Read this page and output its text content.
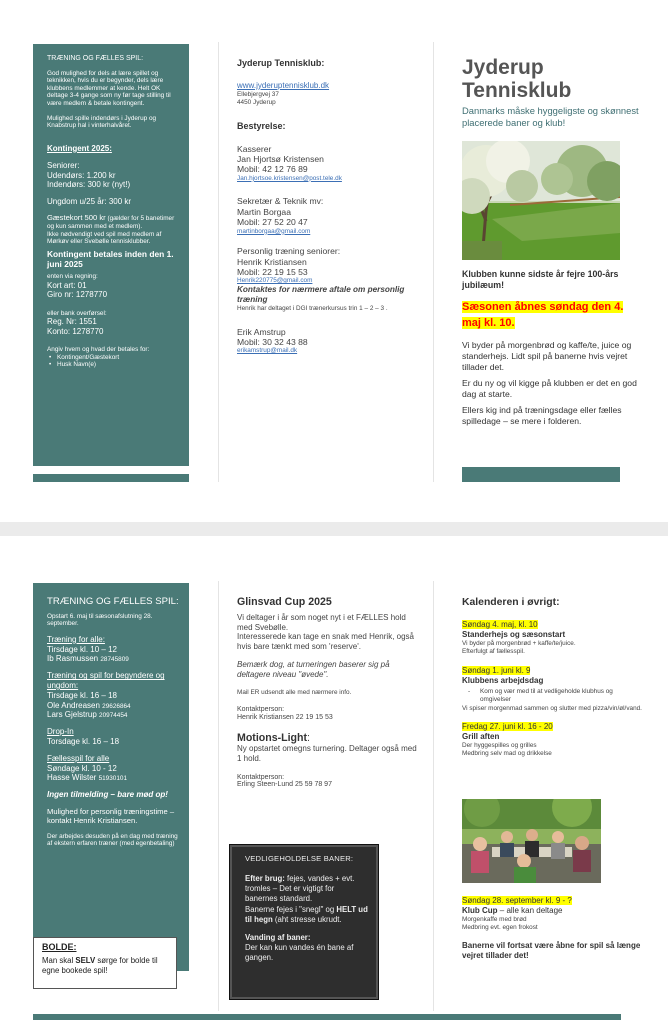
TRÆNING OG FÆLLES SPIL:

God mulighed for dels at lære spillet og teknikken, hvis du er begynder, dels lære klubbens medlemmer at kende. Helt OK deltage 3-4 gange som ny før tage stilling til være medlem & betale kontingent.

Mulighed spille indendørs i Jyderup og Knabstrup hal i vinterhalvåret.

Kontingent 2025:

Seniorer:

Udendørs: 1.200 kr

Indendørs: 300 kr (nyt!)

Ungdom u/25 år: 300 kr

Gæstekort 500 kr (gælder for 5 banetimer og kun sammen med et medlem).

Ikke nødvendigt ved spil med medlem af Mørkøv eller Svebølle tennisklubber.

Kontingent betales inden den 1. juni 2025

enten via regning:

Kort art: 01

Giro nr: 1278770

eller bank overførsel:

Reg. Nr: 1551

Konto: 1278770

Angiv hvem og hvad der betales for:

• Kontingent/Gæstekort
• Husk Navn(e)

Jyderup Tennisklub:

www.jyderuptennisklub.dk

Ellebjergvej 37

4450 Jyderup

Bestyrelse:

Kasserer

Jan Hjortsø Kristensen

Mobil: 42 12 76 89

Jan.hjortsoe.kristensen@post.tele.dk

Sekretær & Teknik mv:

Martin Borgaa

Mobil: 27 52 20 47

martinborgaa@gmail.com

Personlig træning seniorer:

Henrik Kristiansen

Mobil: 22 19 15 53

Henrik220775@gmail.com

Kontaktes for nærmere aftale om personlig træning

Henrik har deltaget i DGI trænerkursus trin 1 – 2 – 3 .

Erik Amstrup

Mobil: 30 32 43 88

erikamstrup@mail.dk

Jyderup Tennisklub

Danmarks måske hyggeligste og skønnest placerede baner og klub!

Klubben kunne sidste år fejre 100-års jubilæum!

Sæsonen åbnes søndag den 4. maj kl. 10.

Vi byder på morgenbrød og kaffe/te, juice og standerhejs. Lidt spil på banerne hvis vejret tillader det.

Er du ny og vil kigge på klubben er det en god dag at starte.

Ellers kig ind på træningsdage eller fælles spilledage – se mere i folderen.

TRÆNING OG FÆLLES SPIL:

Opstart 6. maj til sæsonafslutning 28. september.

Træning for alle:

Tirsdage kl. 10 – 12

Ib Rasmussen 28745809

Træning og spil for begyndere og ungdom:

Tirsdage kl. 16 – 18

Ole Andreasen 29626864

Lars Gjelstrup 20974454

Drop-In

Torsdage kl. 16 – 18

Fællesspil for alle

Søndage kl. 10 - 12

Hasse Wilster 51930101

Ingen tilmelding – bare mød op!

Mulighed for personlig træningstime – kontakt Henrik Kristiansen.

Der arbejdes desuden på en dag med træning af ekstern erfaren træner (med egenbetaling)

BOLDE:

Man skal SELV sørge for bolde til egne bookede spil!

Glinsvad Cup 2025

Vi deltager i år som noget nyt i et FÆLLES hold med Svebølle.

Interesserede kan tage en snak med Henrik, også hvis bare tænkt med som 'reserve'.

Bemærk dog, at turneringen baserer sig på deltagere niveau "øvede".

Mail ER udsendt alle med nærmere info.

Kontaktperson:

Henrik Kristiansen 22 19 15 53

Motions-Light:

Ny opstartet omegns turnering. Deltager også med 1 hold.

Kontaktperson:

Erling Steen-Lund 25 59 78 97

VEDLIGEHOLDELSE BANER:

Efter brug: fejes, vandes + evt. tromles – Det er vigtigt for banernes standard.

Banerne fejes i "snegl" og HELT ud til hegn (aht stresse ukrudt.

Vanding af baner:

Der kan kun vandes én bane af gangen.

Kalenderen i øvrigt:

Søndag 4. maj, kl. 10

Standerhejs og sæsonstart

Vi byder på morgenbrød + kaffe/te/juice.

Efterfulgt af fællesspil.

Søndag 1. juni kl. 9

Klubbens arbejdsdag

- Kom og vær med til at vedligeholde klubhus og omgivelser

Vi spiser morgenmad sammen og slutter med pizza/vin/øl/vand.

Fredag 27. juni kl. 16 - 20

Grill aften

Der hyggespilles og grilles

Medbring selv mad og drikkelse

Søndag 28. september kl. 9 - ?

Klub Cup – alle kan deltage

Morgenkaffe med brød

Medbring evt. egen frokost

Banerne vil fortsat være åbne for spil så længe vejret tillader det!
